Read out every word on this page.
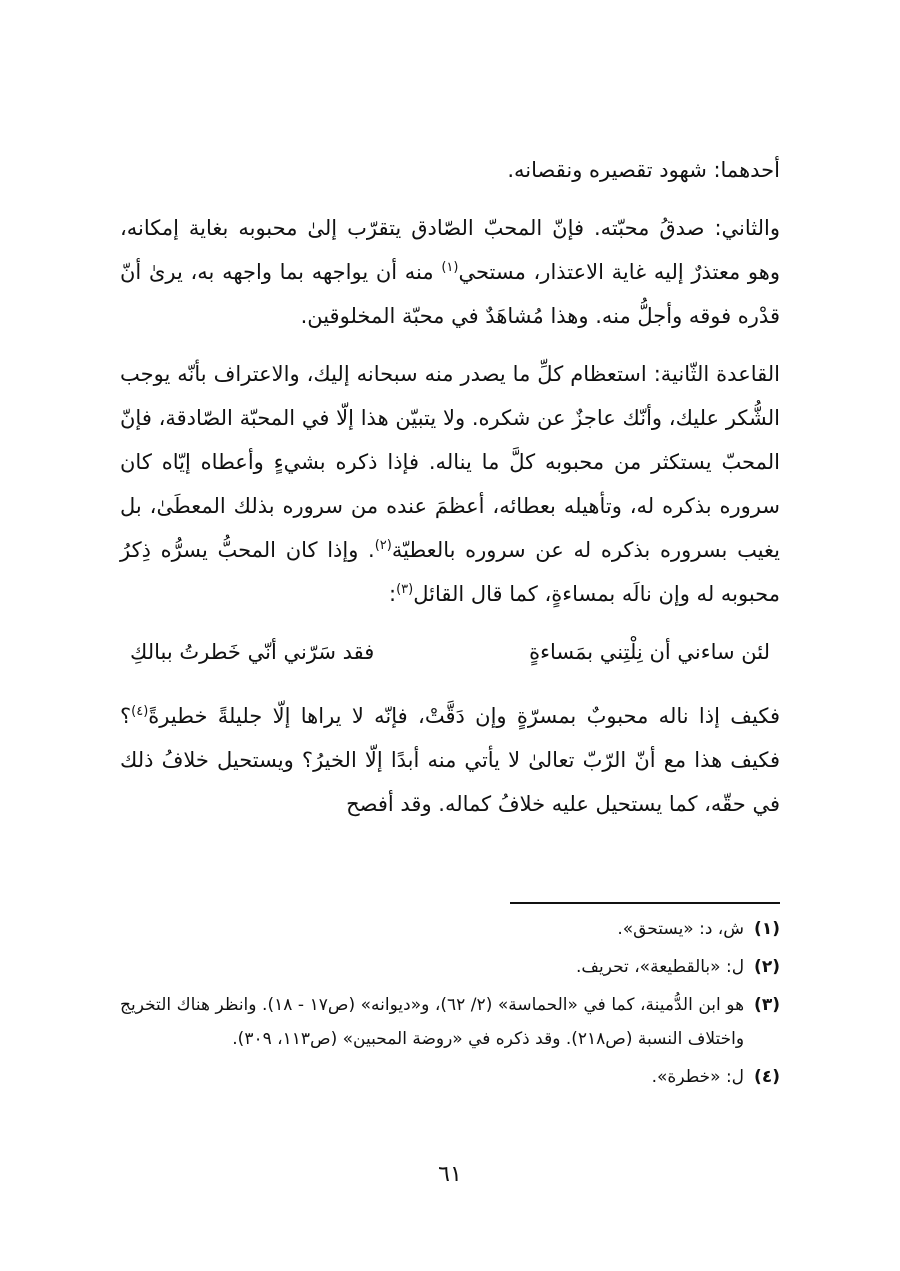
أحدهما: شهود تقصيره ونقصانه.

والثاني: صدقُ محبّته. فإنّ المحبّ الصّادق يتقرّب إلىٰ محبوبه بغاية إمكانه، وهو معتذرٌ إليه غاية الاعتذار، مستحي$^{(١)}$ منه أن يواجهه بما واجهه به، يرىٰ أنّ قدْره فوقه وأجلُّ منه. وهذا مُشاهَدٌ في محبّة المخلوقين.

القاعدة الثّانية: استعظام كلِّ ما يصدر منه سبحانه إليك، والاعتراف بأنّه يوجب الشُّكر عليك، وأنّك عاجزٌ عن شكره. ولا يتبيّن هذا إلّا في المحبّة الصّادقة، فإنّ المحبّ يستكثر من محبوبه كلَّ ما يناله. فإذا ذكره بشيءٍ وأعطاه إيّاه كان سروره بذكره له، وتأهيله بعطائه، أعظمَ عنده من سروره بذلك المعطَىٰ، بل يغيب بسروره بذكره له عن سروره بالعطيّة$^{(٢)}$. وإذا كان المحبُّ يسرُّه ذِكرُ محبوبه له وإن نالَه بمساءةٍ، كما قال القائل$^{(٣)}$:

لئن ساءني أن نِلْتِني بمَساءةٍ
فقد سَرّني أنّي خَطرتُ ببالكِ

فكيف إذا ناله محبوبٌ بمسرّةٍ وإن دَقَّتْ، فإنّه لا يراها إلّا جليلةً خطيرةً$^{(٤)}$؟ فكيف هذا مع أنّ الرّبّ تعالىٰ لا يأتي منه أبدًا إلّا الخيرُ؟ ويستحيل خلافُ ذلك في حقّه، كما يستحيل عليه خلافُ كماله. وقد أفصح

(١)
ش، د: «يستحق».
(٢)
ل: «بالقطيعة»، تحريف.
(٣)
هو ابن الدُّمينة، كما في «الحماسة» (٢/ ٦٢)، و«ديوانه» (ص١٧ - ١٨). وانظر هناك التخريج واختلاف النسبة (ص٢١٨). وقد ذكره في «روضة المحبين» (ص١١٣، ٣٠٩).
(٤)
ل: «خطرة».
٦١
